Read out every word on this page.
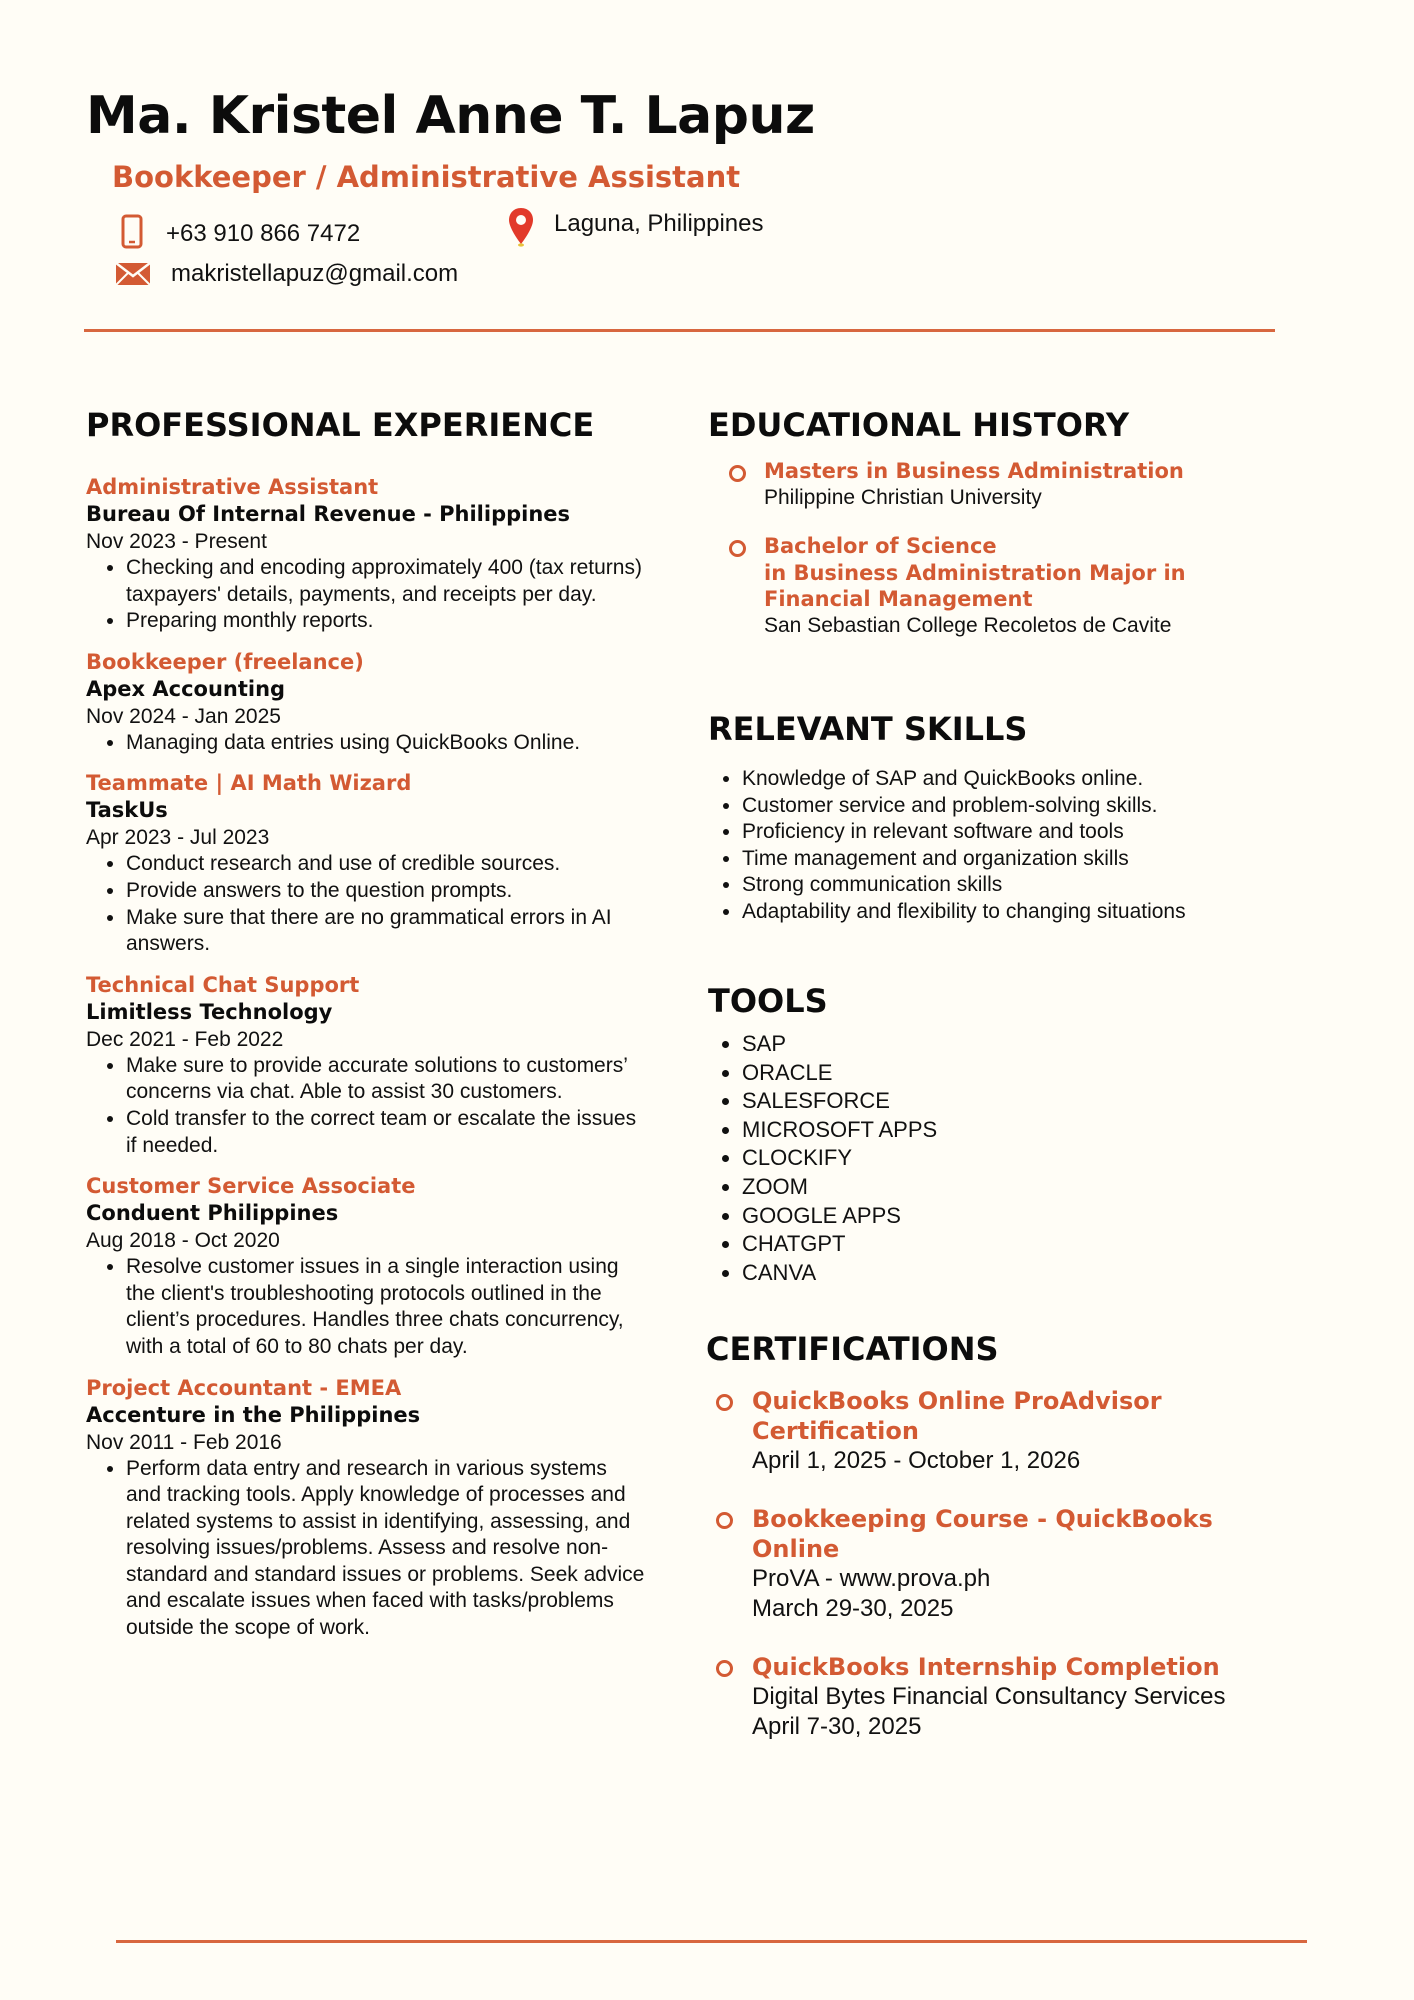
Ma. Kristel Anne T. Lapuz
Bookkeeper / Administrative Assistant
+63 910 866 7472	Laguna, Philippines
makristellapuz@gmail.com
PROFESSIONAL EXPERIENCE
Administrative Assistant
Bureau Of Internal Revenue - Philippines
Nov 2023 - Present
• Checking and encoding approximately 400 (tax returns) taxpayers' details, payments, and receipts per day.
• Preparing monthly reports.
Bookkeeper (freelance)
Apex Accounting
Nov 2024 - Jan 2025
• Managing data entries using QuickBooks Online.
Teammate | AI Math Wizard
TaskUs
Apr 2023 - Jul 2023
• Conduct research and use of credible sources.
• Provide answers to the question prompts.
• Make sure that there are no grammatical errors in AI answers.
Technical Chat Support
Limitless Technology
Dec 2021 - Feb 2022
• Make sure to provide accurate solutions to customers’ concerns via chat. Able to assist 30 customers.
• Cold transfer to the correct team or escalate the issues if needed.
Customer Service Associate
Conduent Philippines
Aug 2018 - Oct 2020
• Resolve customer issues in a single interaction using the client's troubleshooting protocols outlined in the client’s procedures. Handles three chats concurrency, with a total of 60 to 80 chats per day.
Project Accountant - EMEA
Accenture in the Philippines
Nov 2011 - Feb 2016
• Perform data entry and research in various systems and tracking tools. Apply knowledge of processes and related systems to assist in identifying, assessing, and resolving issues/problems. Assess and resolve non-standard and standard issues or problems. Seek advice and escalate issues when faced with tasks/problems outside the scope of work.
EDUCATIONAL HISTORY
Masters in Business Administration
Philippine Christian University
Bachelor of Science
in Business Administration Major in
Financial Management
San Sebastian College Recoletos de Cavite
RELEVANT SKILLS
• Knowledge of SAP and QuickBooks online.
• Customer service and problem-solving skills.
• Proficiency in relevant software and tools
• Time management and organization skills
• Strong communication skills
• Adaptability and flexibility to changing situations
TOOLS
• SAP
• ORACLE
• SALESFORCE
• MICROSOFT APPS
• CLOCKIFY
• ZOOM
• GOOGLE APPS
• CHATGPT
• CANVA
CERTIFICATIONS
QuickBooks Online ProAdvisor
Certification
April 1, 2025 - October 1, 2026
Bookkeeping Course - QuickBooks
Online
ProVA - www.prova.ph
March 29-30, 2025
QuickBooks Internship Completion
Digital Bytes Financial Consultancy Services
April 7-30, 2025
